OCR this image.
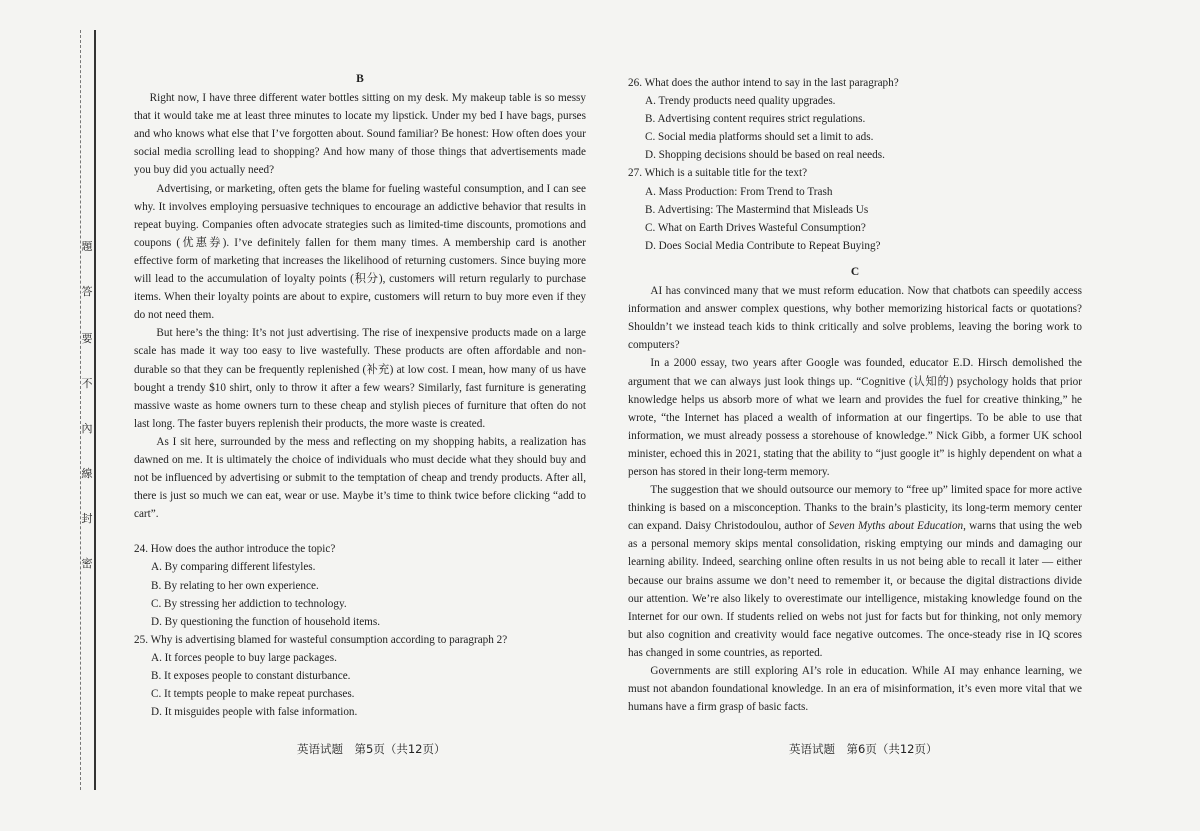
題
答
要
不
內
線
封
密
B

Right now, I have three different water bottles sitting on my desk. My makeup table is so messy that it would take me at least three minutes to locate my lipstick. Under my bed I have bags, purses and who knows what else that I’ve forgotten about. Sound familiar? Be honest: How often does your social media scrolling lead to shopping? And how many of those things that advertisements made you buy did you actually need?

Advertising, or marketing, often gets the blame for fueling wasteful consumption, and I can see why. It involves employing persuasive techniques to encourage an addictive behavior that results in repeat buying. Companies often advocate strategies such as limited-time discounts, promotions and coupons (优惠券). I’ve definitely fallen for them many times. A membership card is another effective form of marketing that increases the likelihood of returning customers. Since buying more will lead to the accumulation of loyalty points (积分), customers will return regularly to purchase items. When their loyalty points are about to expire, customers will return to buy more even if they do not need them.

But here’s the thing: It’s not just advertising. The rise of inexpensive products made on a large scale has made it way too easy to live wastefully. These products are often affordable and non-durable so that they can be frequently replenished (补充) at low cost. I mean, how many of us have bought a trendy $10 shirt, only to throw it after a few wears? Similarly, fast furniture is generating massive waste as home owners turn to these cheap and stylish pieces of furniture that often do not last long. The faster buyers replenish their products, the more waste is created.

As I sit here, surrounded by the mess and reflecting on my shopping habits, a realization has dawned on me. It is ultimately the choice of individuals who must decide what they should buy and not be influenced by advertising or submit to the temptation of cheap and trendy products. After all, there is just so much we can eat, wear or use. Maybe it’s time to think twice before clicking “add to cart”.

24. How does the author introduce the topic?

A. By comparing different lifestyles.

B. By relating to her own experience.

C. By stressing her addiction to technology.

D. By questioning the function of household items.

25. Why is advertising blamed for wasteful consumption according to paragraph 2?

A. It forces people to buy large packages.

B. It exposes people to constant disturbance.

C. It tempts people to make repeat purchases.

D. It misguides people with false information.

26. What does the author intend to say in the last paragraph?

A. Trendy products need quality upgrades.

B. Advertising content requires strict regulations.

C. Social media platforms should set a limit to ads.

D. Shopping decisions should be based on real needs.

27. Which is a suitable title for the text?

A. Mass Production: From Trend to Trash

B. Advertising: The Mastermind that Misleads Us

C. What on Earth Drives Wasteful Consumption?

D. Does Social Media Contribute to Repeat Buying?

C

AI has convinced many that we must reform education. Now that chatbots can speedily access information and answer complex questions, why bother memorizing historical facts or quotations? Shouldn’t we instead teach kids to think critically and solve problems, leaving the boring work to computers?

In a 2000 essay, two years after Google was founded, educator E.D. Hirsch demolished the argument that we can always just look things up. “Cognitive (认知的) psychology holds that prior knowledge helps us absorb more of what we learn and provides the fuel for creative thinking,” he wrote, “the Internet has placed a wealth of information at our fingertips. To be able to use that information, we must already possess a storehouse of knowledge.” Nick Gibb, a former UK school minister, echoed this in 2021, stating that the ability to “just google it” is highly dependent on what a person has stored in their long-term memory.

The suggestion that we should outsource our memory to “free up” limited space for more active thinking is based on a misconception. Thanks to the brain’s plasticity, its long-term memory center can expand. Daisy Christodoulou, author of Seven Myths about Education, warns that using the web as a personal memory skips mental consolidation, risking emptying our minds and damaging our learning ability. Indeed, searching online often results in us not being able to recall it later — either because our brains assume we don’t need to remember it, or because the digital distractions divide our attention. We’re also likely to overestimate our intelligence, mistaking knowledge found on the Internet for our own. If students relied on webs not just for facts but for thinking, not only memory but also cognition and creativity would face negative outcomes. The once-steady rise in IQ scores has changed in some countries, as reported.

Governments are still exploring AI’s role in education. While AI may enhance learning, we must not abandon foundational knowledge. In an era of misinformation, it’s even more vital that we humans have a firm grasp of basic facts.

英语试题　第5页（共12页）	英语试题　第6页（共12页）
